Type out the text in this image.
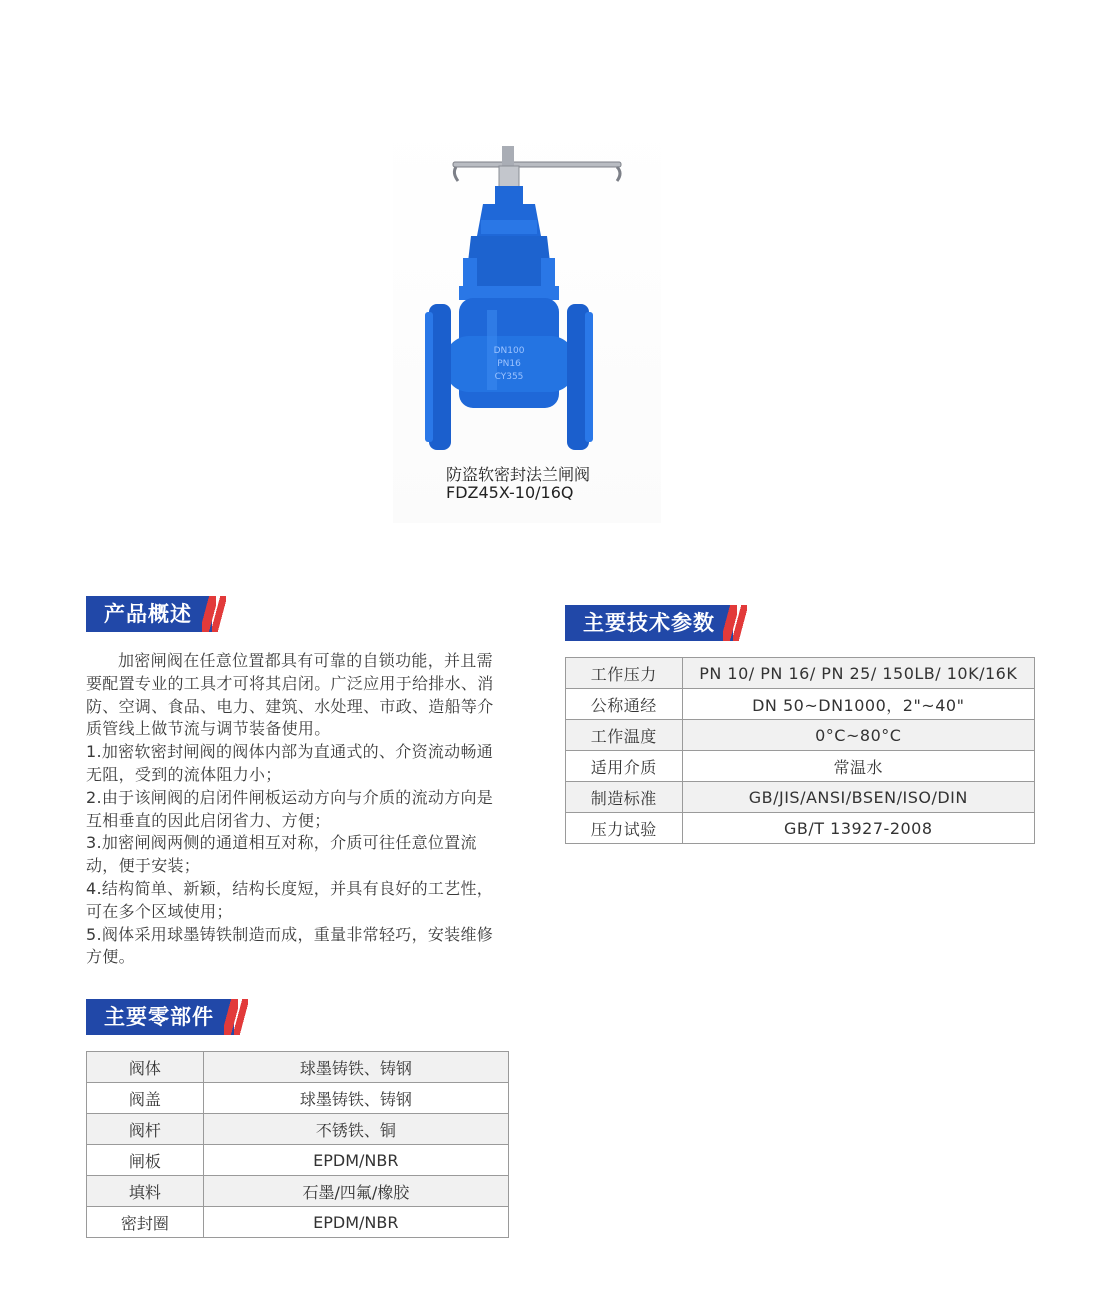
DN100
PN16
CY355
防盗软密封法兰闸阀
FDZ45X-10/16Q
产品概述

加密闸阀在任意位置都具有可靠的自锁功能，并且需要配置专业的工具才可将其启闭。广泛应用于给排水、消防、空调、食品、电力、建筑、水处理、市政、造船等介质管线上做节流与调节装备使用。

1.加密软密封闸阀的阀体内部为直通式的、介资流动畅通无阻，受到的流体阻力小；

2.由于该闸阀的启闭件闸板运动方向与介质的流动方向是互相垂直的因此启闭省力、方便；

3.加密闸阀两侧的通道相互对称，介质可往任意位置流动，便于安装；

4.结构简单、新颖，结构长度短，并具有良好的工艺性，可在多个区域使用；

5.阀体采用球墨铸铁制造而成，重量非常轻巧，安装维修方便。

主要零部件
阀体	球墨铸铁、铸钢
阀盖	球墨铸铁、铸钢
阀杆	不锈铁、铜
闸板	EPDM/NBR
填料	石墨/四氟/橡胶
密封圈	EPDM/NBR
主要技术参数
工作压力	PN 10/ PN 16/ PN 25/ 150LB/ 10K/16K
公称通经	DN 50~DN1000，2"~40"
工作温度	0°C~80°C
适用介质	常温水
制造标准	GB/JIS/ANSI/BSEN/ISO/DIN
压力试验	GB/T 13927-2008
